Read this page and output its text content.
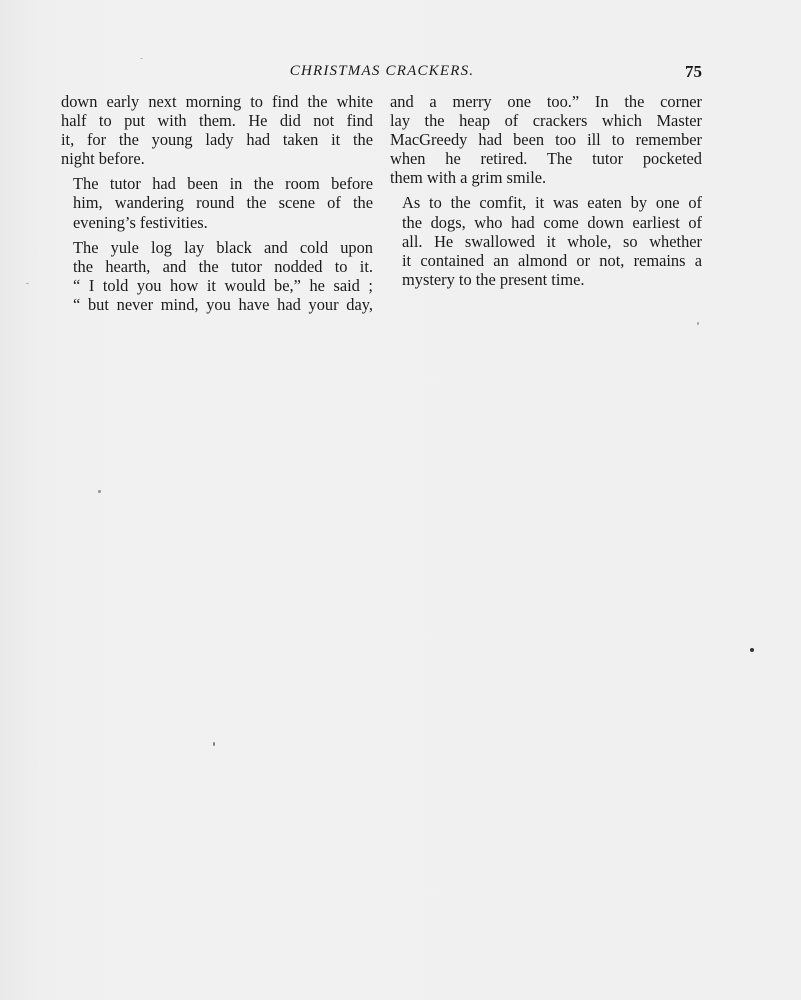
CHRISTMAS CRACKERS.	75

down early next morning to find the white
half to put with them. He did not find
it, for the young lady had taken it the
night before.

The tutor had been in the room before
him, wandering round the scene of the
evening’s festivities.

The yule log lay black and cold upon
the hearth, and the tutor nodded to it.
“ I told you how it would be,” he said ;
“ but never mind, you have had your day,

and a merry one too.” In the corner
lay the heap of crackers which Master
MacGreedy had been too ill to remember
when he retired. The tutor pocketed
them with a grim smile.

As to the comfit, it was eaten by one of
the dogs, who had come down earliest of
all. He swallowed it whole, so whether
it contained an almond or not, remains a
mystery to the present time.
